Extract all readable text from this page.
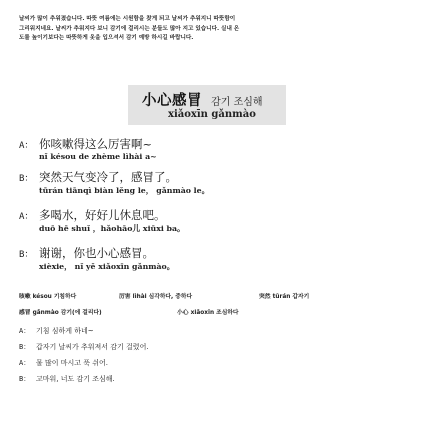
날씨가 많이 추워졌습니다. 따뜻 여름에는 시원함을 찾게 되고 날씨가 추워지니 따뜻함이
그리워지네요. 날씨가 추워지다 보니 감기에 걸리시는 분들도 많아 지고 있습니다. 실내 온
도를 높이기보다는 따뜻하게 옷을 입으셔서 감기 예방 하시길 바랍니다.
小心感冒 감기 조심해
xiǎoxīn gǎnmào
A： 你咳嗽得这么厉害啊~
nǐ késou de zhème lìhài a~
B： 突然天气变冷了，感冒了。
tūrán tiānqì biàn lěng le， gǎnmào le。
A： 多喝水，好好儿休息吧。
duō hē shuǐ ，hǎohāo儿 xiūxi ba。
B： 谢谢，你也小心感冒。
xièxie， nǐ yě xiǎoxīn gǎnmào。
咳嗽 késou 기침하다	厉害 lìhài 심각하다, 중하다	突然 tūrán 갑자기
感冒 gǎnmào 감기(에 걸리다)	小心 xiǎoxīn 조심하다
A： 기침 심하게 하네~
B： 갑자기 날씨가 추워져서 감기 걸렸어.
A： 물 많이 마시고 푹 쉬어.
B： 고마워, 너도 감기 조심해.
